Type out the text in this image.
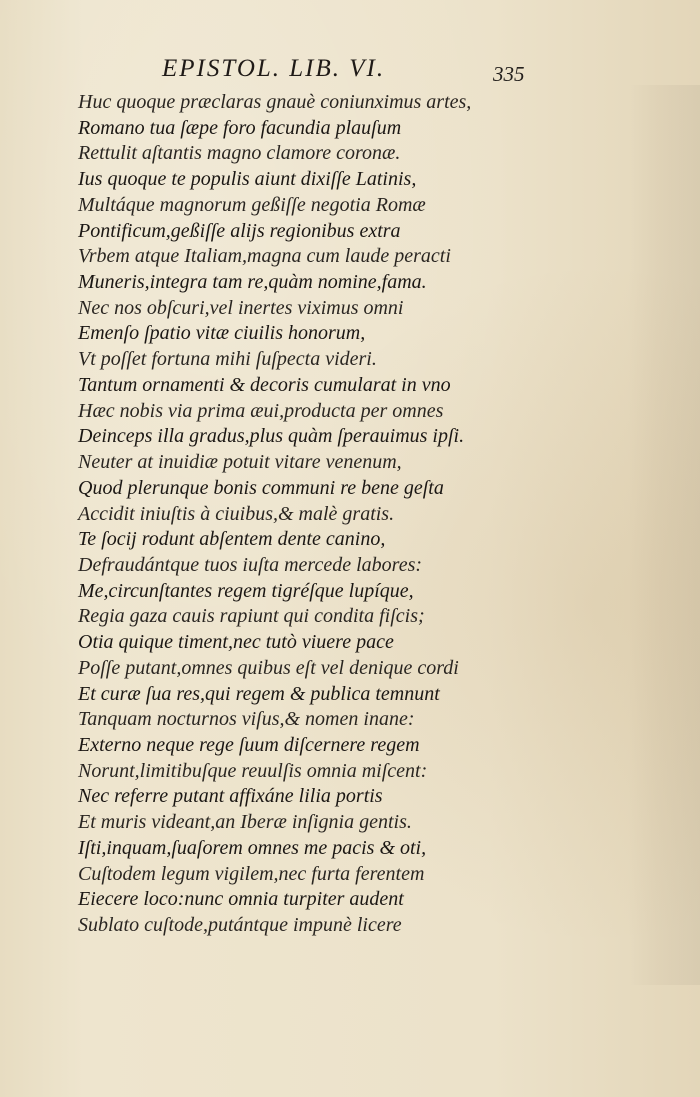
EPISTOL. LIB. VI.	335
Huc quoque præclaras gnauè coniunximus artes,
Romano tua ſæpe foro facundia plauſum
Rettulit aſtantis magno clamore coronæ.
Ius quoque te populis aiunt dixiſſe Latinis,
Multáque magnorum geßiſſe negotia Romæ
Pontificum,geßiſſe alijs regionibus extra
Vrbem atque Italiam,magna cum laude peracti
Muneris,integra tam re,quàm nomine,fama.
Nec nos obſcuri,vel inertes viximus omni
Emenſo ſpatio vitæ ciuilis honorum,
Vt poſſet fortuna mihi ſuſpecta videri.
Tantum ornamenti & decoris cumularat in vno
Hæc nobis via prima æui,producta per omnes
Deinceps illa gradus,plus quàm ſperauimus ipſi.
Neuter at inuidiæ potuit vitare venenum,
Quod plerunque bonis communi re bene geſta
Accidit iniuſtis à ciuibus,& malè gratis.
Te ſocij rodunt abſentem dente canino,
Defraudántque tuos iuſta mercede labores:
Me,circunſtantes regem tigréſque lupíque,
Regia gaza cauis rapiunt qui condita fiſcis;
Otia quique timent,nec tutò viuere pace
Poſſe putant,omnes quibus eſt vel denique cordi
Et curæ ſua res,qui regem & publica temnunt
Tanquam nocturnos viſus,& nomen inane:
Externo neque rege ſuum diſcernere regem
Norunt,limitibuſque reuulſis omnia miſcent:
Nec referre putant affixáne lilia portis
Et muris videant,an Iberæ inſignia gentis.
Iſti,inquam,ſuaſorem omnes me pacis & oti,
Cuſtodem legum vigilem,nec furta ferentem
Eiecere loco:nunc omnia turpiter audent
Sublato cuſtode,putántque impunè licere
